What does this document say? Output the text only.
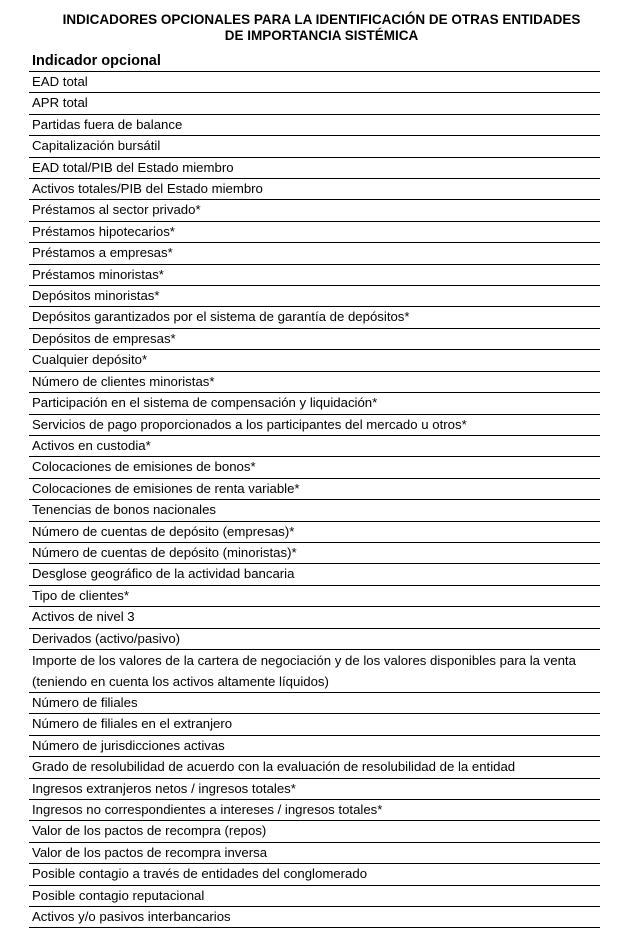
INDICADORES OPCIONALES PARA LA IDENTIFICACIÓN DE OTRAS ENTIDADES
DE IMPORTANCIA SISTÉMICA
Indicador opcional
EAD total
APR total
Partidas fuera de balance
Capitalización bursátil
EAD total/PIB del Estado miembro
Activos totales/PIB del Estado miembro
Préstamos al sector privado*
Préstamos hipotecarios*
Préstamos a empresas*
Préstamos minoristas*
Depósitos minoristas*
Depósitos garantizados por el sistema de garantía de depósitos*
Depósitos de empresas*
Cualquier depósito*
Número de clientes minoristas*
Participación en el sistema de compensación y liquidación*
Servicios de pago proporcionados a los participantes del mercado u otros*
Activos en custodia*
Colocaciones de emisiones de bonos*
Colocaciones de emisiones de renta variable*
Tenencias de bonos nacionales
Número de cuentas de depósito (empresas)*
Número de cuentas de depósito (minoristas)*
Desglose geográfico de la actividad bancaria
Tipo de clientes*
Activos de nivel 3
Derivados (activo/pasivo)
Importe de los valores de la cartera de negociación y de los valores disponibles para la venta (teniendo en cuenta los activos altamente líquidos)
Número de filiales
Número de filiales en el extranjero
Número de jurisdicciones activas
Grado de resolubilidad de acuerdo con la evaluación de resolubilidad de la entidad
Ingresos extranjeros netos / ingresos totales*
Ingresos no correspondientes a intereses / ingresos totales*
Valor de los pactos de recompra (repos)
Valor de los pactos de recompra inversa
Posible contagio a través de entidades del conglomerado
Posible contagio reputacional
Activos y/o pasivos interbancarios
